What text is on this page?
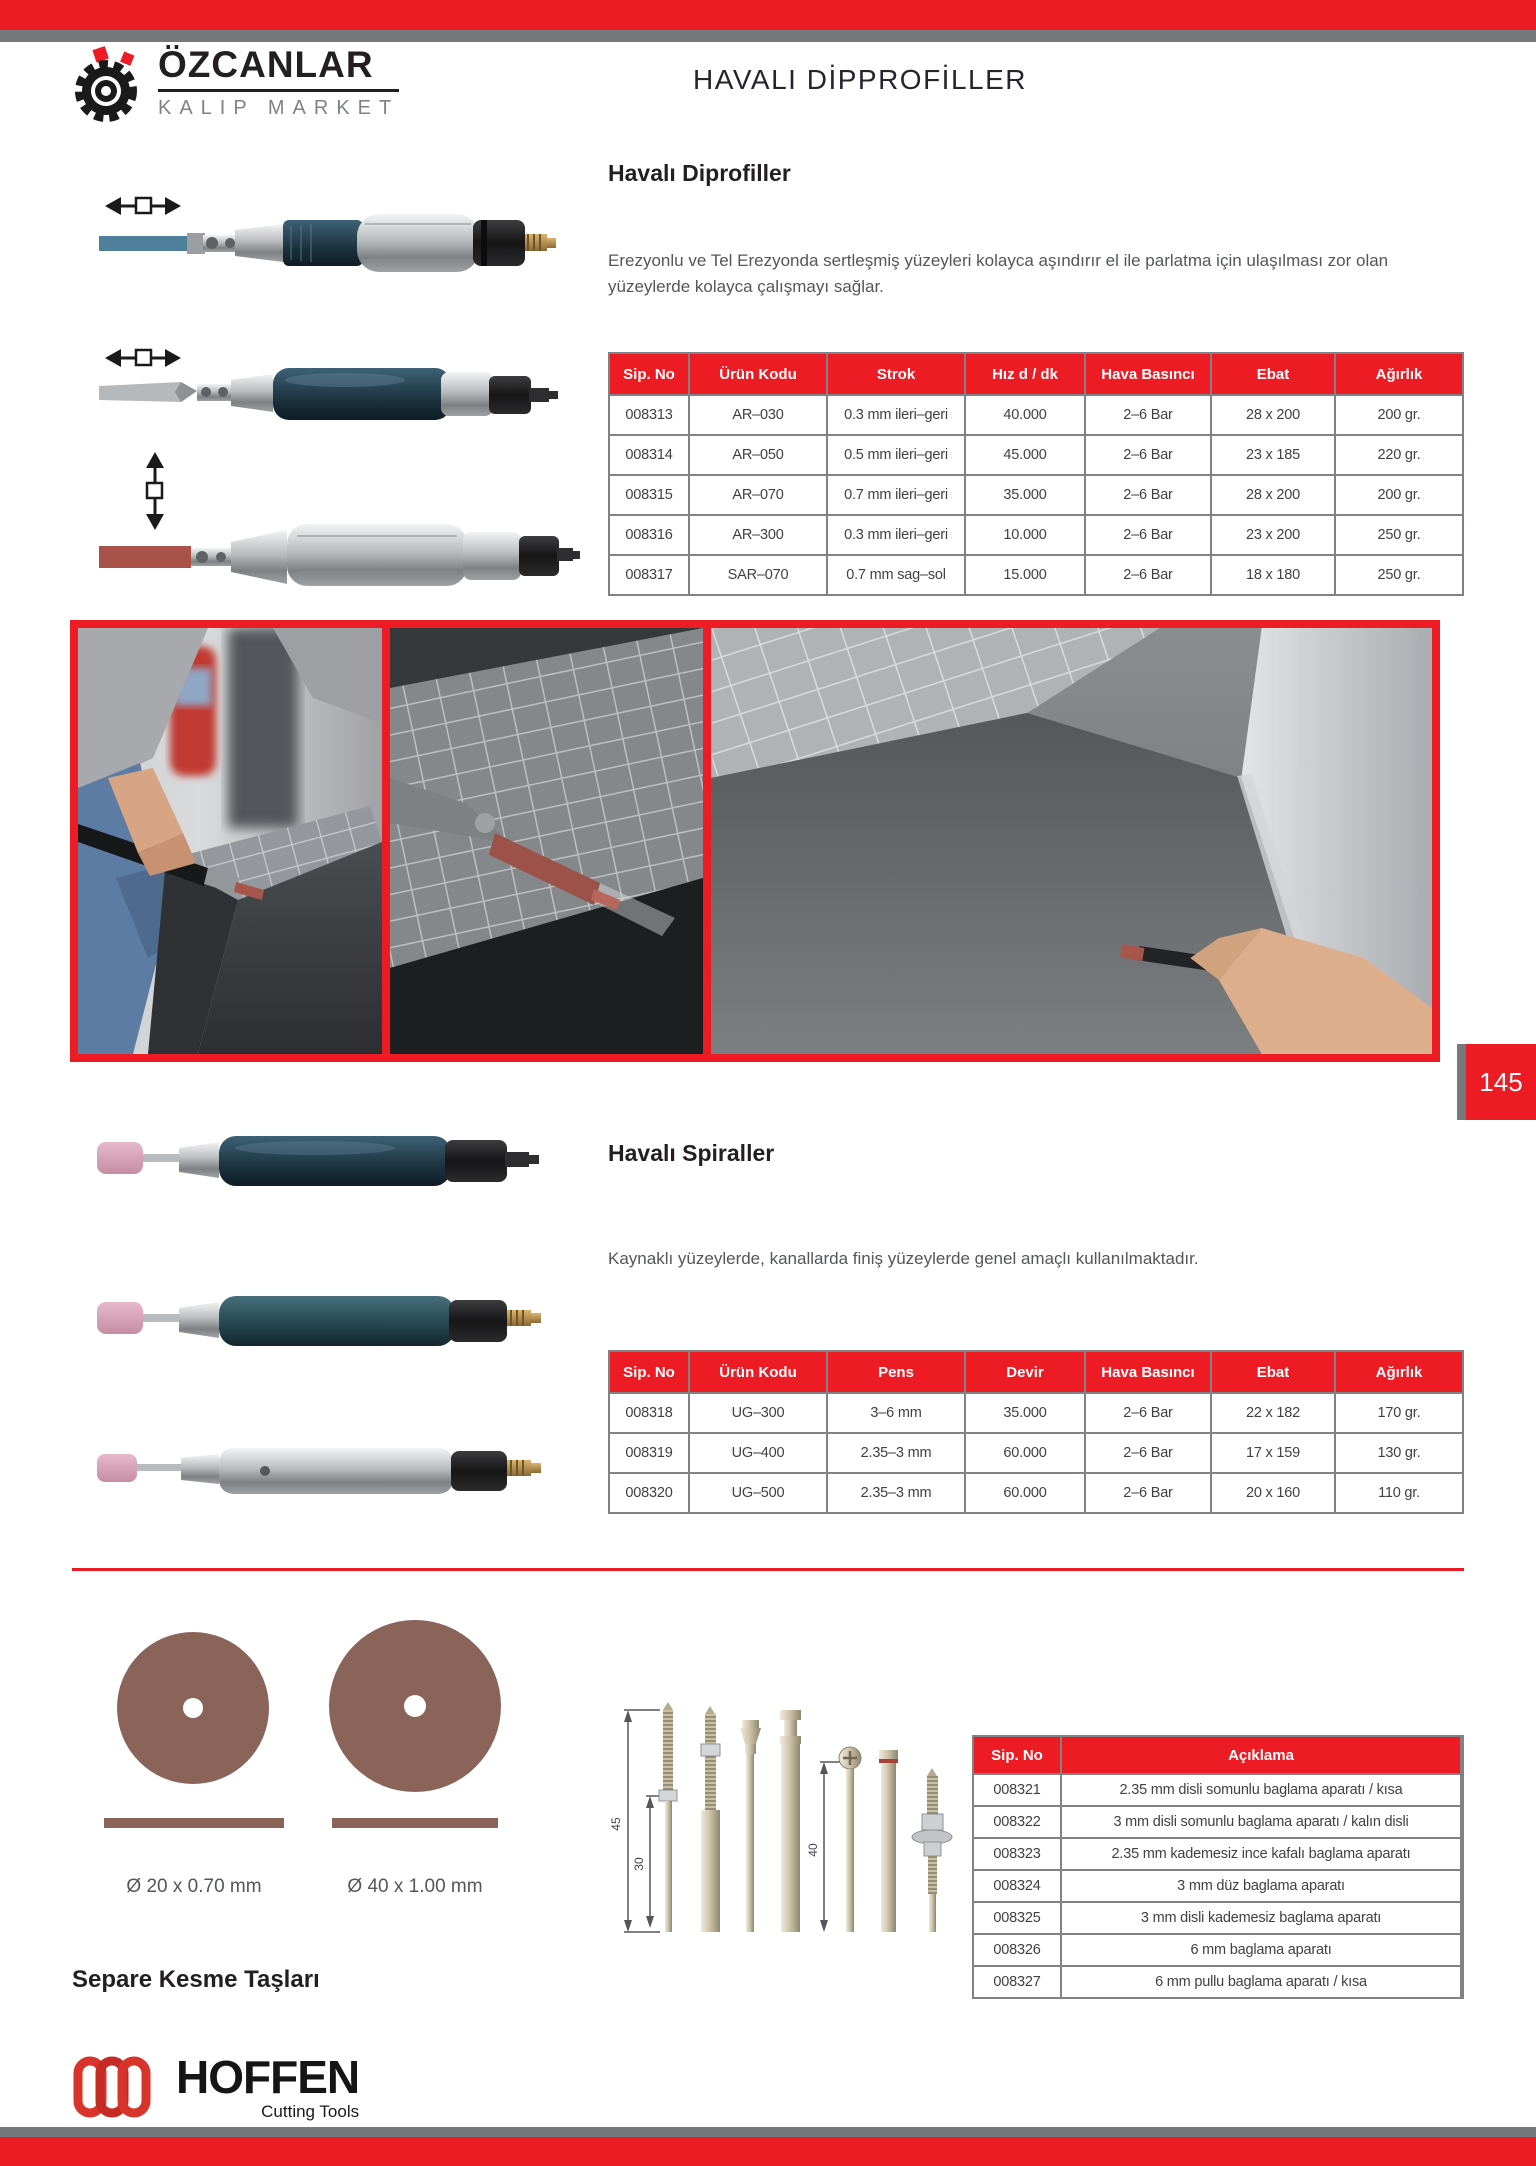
ÖZCANLAR
KALIP MARKET
HAVALI DİPPROFİLLER
Havalı Diprofiller
Erezyonlu ve Tel Erezyonda sertleşmiş yüzeyleri kolayca aşındırır el ile parlatma için ulaşılması zor olan yüzeylerde kolayca çalışmayı sağlar.
Sip. No	Ürün Kodu	Strok	Hız d / dk	Hava Basıncı	Ebat	Ağırlık
008313	AR–030	0.3 mm ileri–geri	40.000	2–6 Bar	28 x 200	200 gr.
008314	AR–050	0.5 mm ileri–geri	45.000	2–6 Bar	23 x 185	220 gr.
008315	AR–070	0.7 mm ileri–geri	35.000	2–6 Bar	28 x 200	200 gr.
008316	AR–300	0.3 mm ileri–geri	10.000	2–6 Bar	23 x 200	250 gr.
008317	SAR–070	0.7 mm sag–sol	15.000	2–6 Bar	18 x 180	250 gr.
145
Havalı Spiraller
Kaynaklı yüzeylerde, kanallarda finiş yüzeylerde genel amaçlı kullanılmaktadır.
Sip. No	Ürün Kodu	Pens	Devir	Hava Basıncı	Ebat	Ağırlık
008318	UG–300	3–6 mm	35.000	2–6 Bar	22 x 182	170 gr.
008319	UG–400	2.35–3 mm	60.000	2–6 Bar	17 x 159	130 gr.
008320	UG–500	2.35–3 mm	60.000	2–6 Bar	20 x 160	110 gr.
Ø 20 x 0.70 mm	Ø 40 x 1.00 mm
45
30
40
Sip. No	Açıklama
008321	2.35 mm disli somunlu baglama aparatı / kısa
008322	3 mm disli somunlu baglama aparatı / kalın disli
008323	2.35 mm kademesiz ince kafalı baglama aparatı
008324	3 mm düz baglama aparatı
008325	3 mm disli kademesiz baglama aparatı
008326	6 mm baglama aparatı
008327	6 mm pullu baglama aparatı / kısa
Separe Kesme Taşları
HOFFEN
Cutting Tools
